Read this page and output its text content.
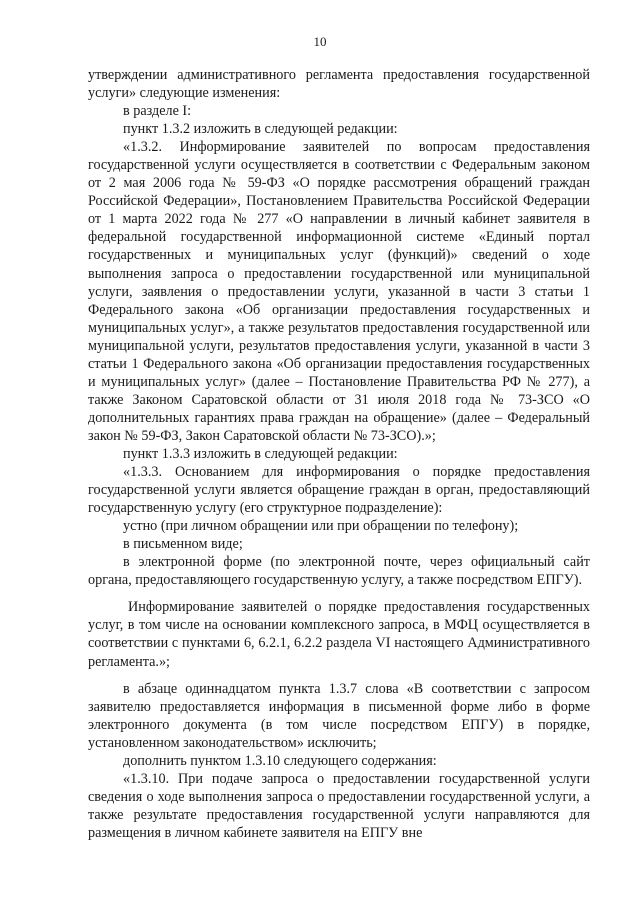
10

утверждении административного регламента предоставления государственной услуги» следующие изменения:

в разделе I:

пункт 1.3.2 изложить в следующей редакции:

«1.3.2. Информирование заявителей по вопросам предоставления государственной услуги осуществляется в соответствии с Федеральным законом от 2 мая 2006 года № 59-ФЗ «О порядке рассмотрения обращений граждан Российской Федерации», Постановлением Правительства Российской Федерации от 1 марта 2022 года № 277 «О направлении в личный кабинет заявителя в федеральной государственной информационной системе «Единый портал государственных и муниципальных услуг (функций)» сведений о ходе выполнения запроса о предоставлении государственной или муниципальной услуги, заявления о предоставлении услуги, указанной в части 3 статьи 1 Федерального закона «Об организации предоставления государственных и муниципальных услуг», а также результатов предоставления государственной или муниципальной услуги, результатов предоставления услуги, указанной в части 3 статьи 1 Федерального закона «Об организации предоставления государственных и муниципальных услуг» (далее – Постановление Правительства РФ № 277), а также Законом Саратовской области от 31 июля 2018 года № 73-ЗСО «О дополнительных гарантиях права граждан на обращение» (далее – Федеральный закон № 59-ФЗ, Закон Саратовской области № 73-ЗСО).»;

пункт 1.3.3 изложить в следующей редакции:

«1.3.3. Основанием для информирования о порядке предоставления государственной услуги является обращение граждан в орган, предоставляющий государственную услугу (его структурное подразделение):

устно (при личном обращении или при обращении по телефону);

в письменном виде;

в электронной форме (по электронной почте, через официальный сайт органа, предоставляющего государственную услугу, а также посредством ЕПГУ).

Информирование заявителей о порядке предоставления государственных услуг, в том числе на основании комплексного запроса, в МФЦ осуществляется в соответствии с пунктами 6, 6.2.1, 6.2.2 раздела VI настоящего Административного регламента.»;

в абзаце одиннадцатом пункта 1.3.7 слова «В соответствии с запросом заявителю предоставляется информация в письменной форме либо в форме электронного документа (в том числе посредством ЕПГУ) в порядке, установленном законодательством» исключить;

дополнить пунктом 1.3.10 следующего содержания:

«1.3.10. При подаче запроса о предоставлении государственной услуги сведения о ходе выполнения запроса о предоставлении государственной услуги, а также результате предоставления государственной услуги направляются для размещения в личном кабинете заявителя на ЕПГУ вне
